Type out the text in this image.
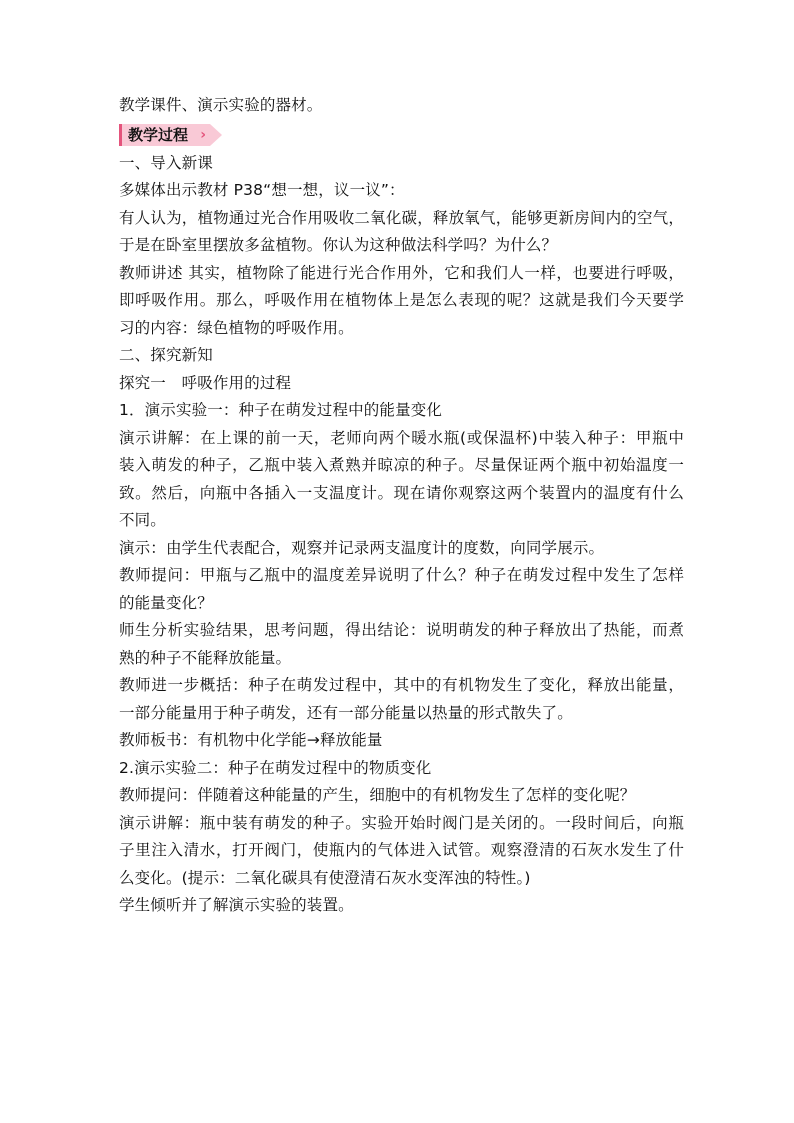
教学课件、演示实验的器材。
教学过程 ›
一、导入新课
多媒体出示教材 P38“想一想，议一议”：
有人认为，植物通过光合作用吸收二氧化碳，释放氧气，能够更新房间内的空气，
于是在卧室里摆放多盆植物。你认为这种做法科学吗？为什么？
教师讲述 其实，植物除了能进行光合作用外，它和我们人一样，也要进行呼吸，
即呼吸作用。那么，呼吸作用在植物体上是怎么表现的呢？这就是我们今天要学
习的内容：绿色植物的呼吸作用。
二、探究新知
探究一　呼吸作用的过程
1．演示实验一：种子在萌发过程中的能量变化
演示讲解：在上课的前一天，老师向两个暖水瓶(或保温杯)中装入种子：甲瓶中
装入萌发的种子，乙瓶中装入煮熟并晾凉的种子。尽量保证两个瓶中初始温度一
致。然后，向瓶中各插入一支温度计。现在请你观察这两个装置内的温度有什么
不同。
演示：由学生代表配合，观察并记录两支温度计的度数，向同学展示。
教师提问：甲瓶与乙瓶中的温度差异说明了什么？种子在萌发过程中发生了怎样
的能量变化？
师生分析实验结果，思考问题，得出结论：说明萌发的种子释放出了热能，而煮
熟的种子不能释放能量。
教师进一步概括：种子在萌发过程中，其中的有机物发生了变化，释放出能量，
一部分能量用于种子萌发，还有一部分能量以热量的形式散失了。
教师板书：有机物中化学能→释放能量
2.演示实验二：种子在萌发过程中的物质变化
教师提问：伴随着这种能量的产生，细胞中的有机物发生了怎样的变化呢？
演示讲解：瓶中装有萌发的种子。实验开始时阀门是关闭的。一段时间后，向瓶
子里注入清水，打开阀门，使瓶内的气体进入试管。观察澄清的石灰水发生了什
么变化。(提示：二氧化碳具有使澄清石灰水变浑浊的特性。)
学生倾听并了解演示实验的装置。
